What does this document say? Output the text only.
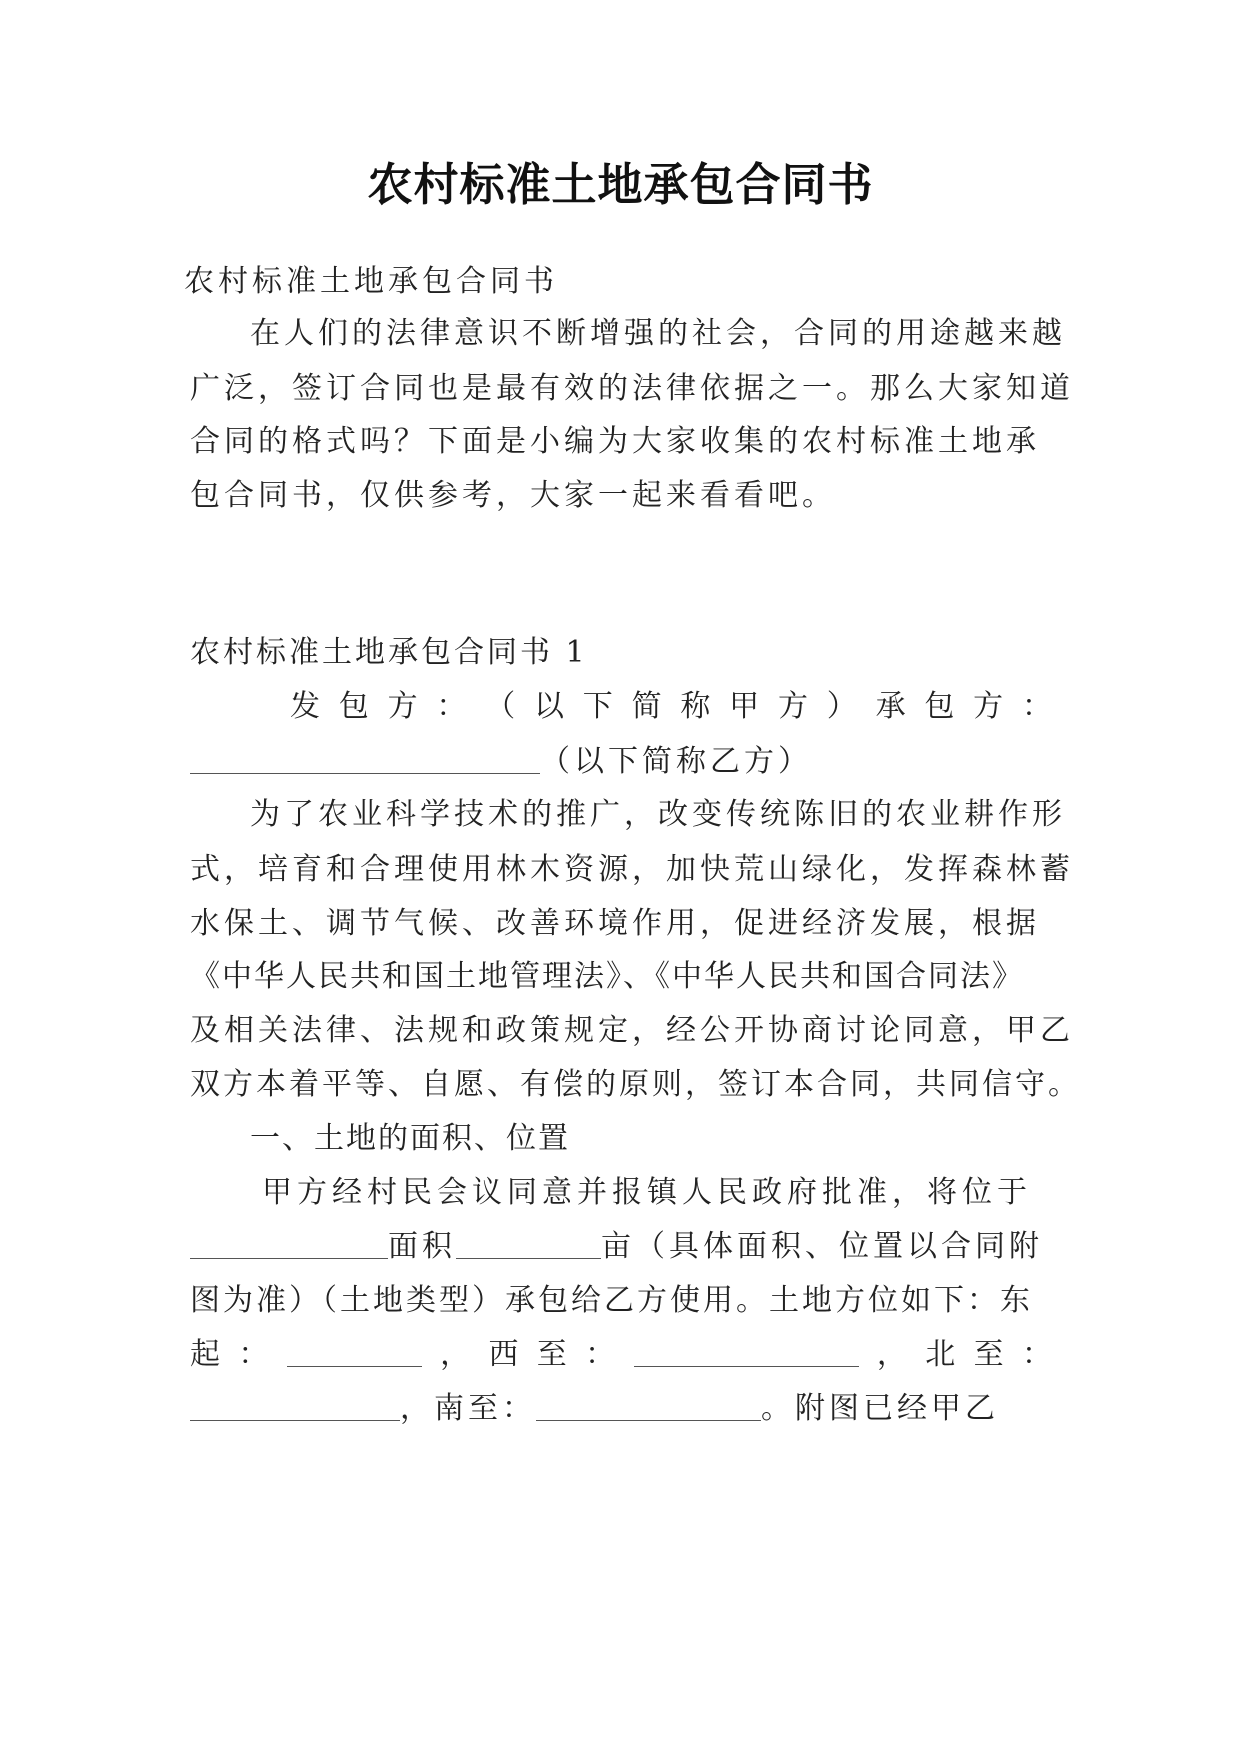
农村标准土地承包合同书
农村标准土地承包合同书
在人们的法律意识不断增强的社会，合同的用途越来越
广泛，签订合同也是最有效的法律依据之一。那么大家知道
合同的格式吗？下面是小编为大家收集的农村标准土地承
包合同书，仅供参考，大家一起来看看吧。
农村标准土地承包合同书 1
发 包 方 ： （ 以 下 简 称 甲 方 ） 承 包 方 ：
（以下简称乙方）
为了农业科学技术的推广，改变传统陈旧的农业耕作形
式，培育和合理使用林木资源，加快荒山绿化，发挥森林蓄
水保土、调节气候、改善环境作用，促进经济发展，根据
《中华人民共和国土地管理法》、《中华人民共和国合同法》
及相关法律、法规和政策规定，经公开协商讨论同意，甲乙
双方本着平等、自愿、有偿的原则，签订本合同，共同信守。
一、土地的面积、位置
甲方经村民会议同意并报镇人民政府批准，将位于
面积	亩（具体面积、位置以合同附
图为准）（土地类型）承包给乙方使用。土地方位如下：东
起 ：	， 西 至 ：	， 北 至 ：
，南至：	。附图已经甲乙
